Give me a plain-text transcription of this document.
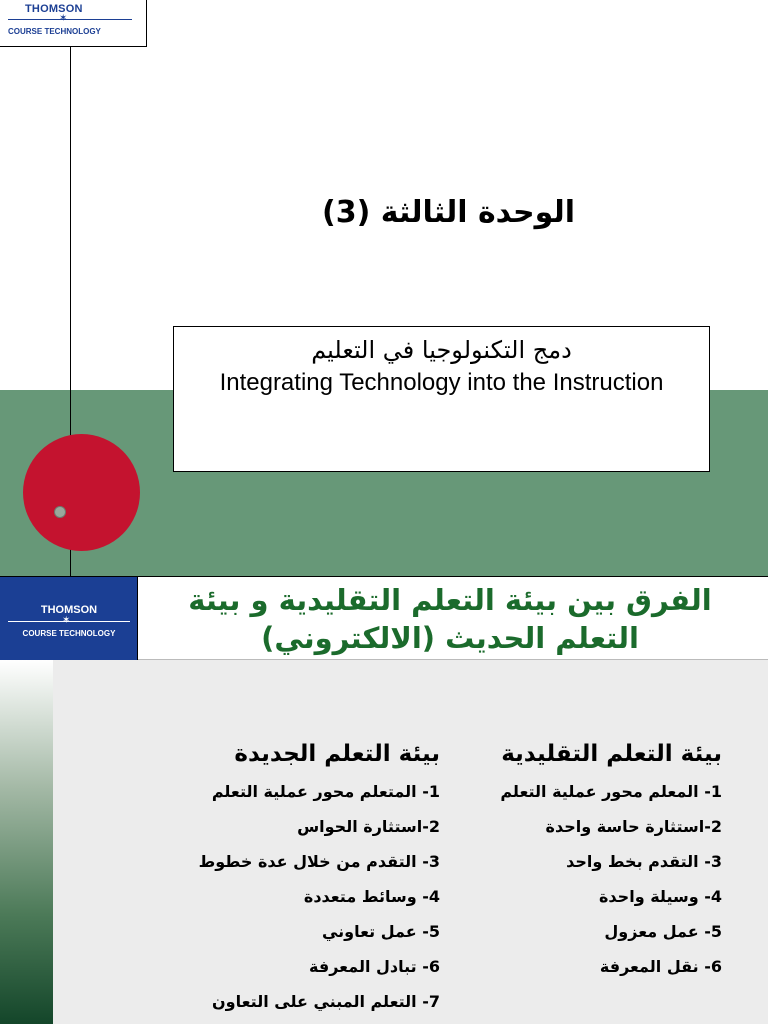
THOMSON
✶
COURSE TECHNOLOGY
الوحدة الثالثة (3)
دمج التكنولوجيا في التعليم
Integrating Technology into the Instruction
THOMSON
✶
COURSE TECHNOLOGY
الفرق بين بيئة التعلم التقليدية و بيئة التعلم الحديث (الالكتروني)
بيئة التعلم الجديدة
1- المتعلم محور عملية التعلم
2-استثارة الحواس
3- التقدم من خلال عدة خطوط
4- وسائط متعددة
5- عمل تعاوني
6- تبادل المعرفة
7- التعلم المبني على التعاون
بيئة التعلم التقليدية
1- المعلم محور عملية التعلم
2-استثارة حاسة واحدة
3- التقدم بخط واحد
4- وسيلة واحدة
5- عمل معزول
6- نقل المعرفة
